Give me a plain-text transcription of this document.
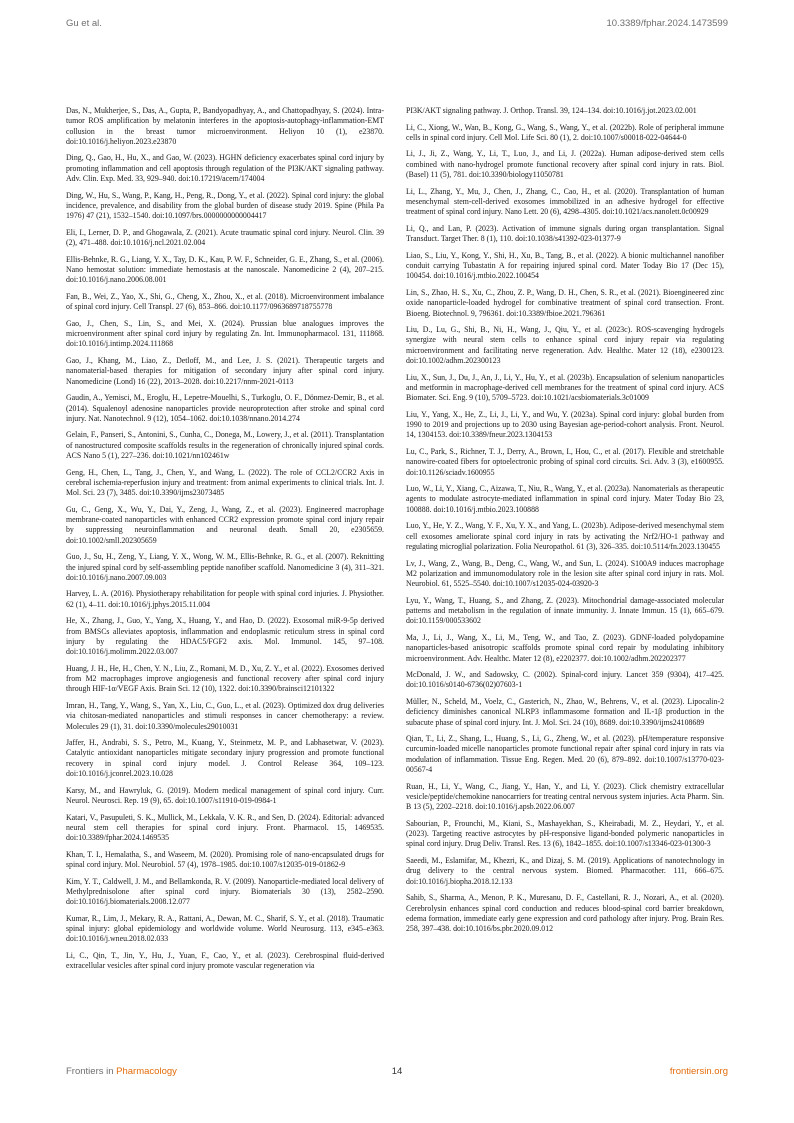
Gu et al.	10.3389/fphar.2024.1473599

Das, N., Mukherjee, S., Das, A., Gupta, P., Bandyopadhyay, A., and Chattopadhyay, S. (2024). Intra-tumor ROS amplification by melatonin interferes in the apoptosis-autophagy-inflammation-EMT collusion in the breast tumor microenvironment. Heliyon 10 (1), e23870. doi:10.1016/j.heliyon.2023.e23870

Ding, Q., Gao, H., Hu, X., and Gao, W. (2023). HGHN deficiency exacerbates spinal cord injury by promoting inflammation and cell apoptosis through regulation of the PI3K/AKT signaling pathway. Adv. Clin. Exp. Med. 33, 929–940. doi:10.17219/acem/174004

Ding, W., Hu, S., Wang, P., Kang, H., Peng, R., Dong, Y., et al. (2022). Spinal cord injury: the global incidence, prevalence, and disability from the global burden of disease study 2019. Spine (Phila Pa 1976) 47 (21), 1532–1540. doi:10.1097/brs.0000000000004417

Eli, I., Lerner, D. P., and Ghogawala, Z. (2021). Acute traumatic spinal cord injury. Neurol. Clin. 39 (2), 471–488. doi:10.1016/j.ncl.2021.02.004

Ellis-Behnke, R. G., Liang, Y. X., Tay, D. K., Kau, P. W. F., Schneider, G. E., Zhang, S., et al. (2006). Nano hemostat solution: immediate hemostasis at the nanoscale. Nanomedicine 2 (4), 207–215. doi:10.1016/j.nano.2006.08.001

Fan, B., Wei, Z., Yao, X., Shi, G., Cheng, X., Zhou, X., et al. (2018). Microenvironment imbalance of spinal cord injury. Cell Transpl. 27 (6), 853–866. doi:10.1177/0963689718755778

Gao, J., Chen, S., Lin, S., and Mei, X. (2024). Prussian blue analogues improves the microenvironment after spinal cord injury by regulating Zn. Int. Immunopharmacol. 131, 111868. doi:10.1016/j.intimp.2024.111868

Gao, J., Khang, M., Liao, Z., Detloff, M., and Lee, J. S. (2021). Therapeutic targets and nanomaterial-based therapies for mitigation of secondary injury after spinal cord injury. Nanomedicine (Lond) 16 (22), 2013–2028. doi:10.2217/nnm-2021-0113

Gaudin, A., Yemisci, M., Eroglu, H., Lepetre-Mouelhi, S., Turkoglu, O. F., Dönmez-Demir, B., et al. (2014). Squalenoyl adenosine nanoparticles provide neuroprotection after stroke and spinal cord injury. Nat. Nanotechnol. 9 (12), 1054–1062. doi:10.1038/nnano.2014.274

Gelain, F., Panseri, S., Antonini, S., Cunha, C., Donega, M., Lowery, J., et al. (2011). Transplantation of nanostructured composite scaffolds results in the regeneration of chronically injured spinal cords. ACS Nano 5 (1), 227–236. doi:10.1021/nn102461w

Geng, H., Chen, L., Tang, J., Chen, Y., and Wang, L. (2022). The role of CCL2/CCR2 Axis in cerebral ischemia-reperfusion injury and treatment: from animal experiments to clinical trials. Int. J. Mol. Sci. 23 (7), 3485. doi:10.3390/ijms23073485

Gu, C., Geng, X., Wu, Y., Dai, Y., Zeng, J., Wang, Z., et al. (2023). Engineered macrophage membrane-coated nanoparticles with enhanced CCR2 expression promote spinal cord injury repair by suppressing neuroinflammation and neuronal death. Small 20, e2305659. doi:10.1002/smll.202305659

Guo, J., Su, H., Zeng, Y., Liang, Y. X., Wong, W. M., Ellis-Behnke, R. G., et al. (2007). Reknitting the injured spinal cord by self-assembling peptide nanofiber scaffold. Nanomedicine 3 (4), 311–321. doi:10.1016/j.nano.2007.09.003

Harvey, L. A. (2016). Physiotherapy rehabilitation for people with spinal cord injuries. J. Physiother. 62 (1), 4–11. doi:10.1016/j.jphys.2015.11.004

He, X., Zhang, J., Guo, Y., Yang, X., Huang, Y., and Hao, D. (2022). Exosomal miR-9-5p derived from BMSCs alleviates apoptosis, inflammation and endoplasmic reticulum stress in spinal cord injury by regulating the HDAC5/FGF2 axis. Mol. Immunol. 145, 97–108. doi:10.1016/j.molimm.2022.03.007

Huang, J. H., He, H., Chen, Y. N., Liu, Z., Romani, M. D., Xu, Z. Y., et al. (2022). Exosomes derived from M2 macrophages improve angiogenesis and functional recovery after spinal cord injury through HIF-1α/VEGF Axis. Brain Sci. 12 (10), 1322. doi:10.3390/brainsci12101322

Imran, H., Tang, Y., Wang, S., Yan, X., Liu, C., Guo, L., et al. (2023). Optimized dox drug deliveries via chitosan-mediated nanoparticles and stimuli responses in cancer chemotherapy: a review. Molecules 29 (1), 31. doi:10.3390/molecules29010031

Jaffer, H., Andrabi, S. S., Petro, M., Kuang, Y., Steinmetz, M. P., and Labhasetwar, V. (2023). Catalytic antioxidant nanoparticles mitigate secondary injury progression and promote functional recovery in spinal cord injury model. J. Control Release 364, 109–123. doi:10.1016/j.jconrel.2023.10.028

Karsy, M., and Hawryluk, G. (2019). Modern medical management of spinal cord injury. Curr. Neurol. Neurosci. Rep. 19 (9), 65. doi:10.1007/s11910-019-0984-1

Katari, V., Pasupuleti, S. K., Mullick, M., Lekkala, V. K. R., and Sen, D. (2024). Editorial: advanced neural stem cell therapies for spinal cord injury. Front. Pharmacol. 15, 1469535. doi:10.3389/fphar.2024.1469535

Khan, T. I., Hemalatha, S., and Waseem, M. (2020). Promising role of nano-encapsulated drugs for spinal cord injury. Mol. Neurobiol. 57 (4), 1978–1985. doi:10.1007/s12035-019-01862-9

Kim, Y. T., Caldwell, J. M., and Bellamkonda, R. V. (2009). Nanoparticle-mediated local delivery of Methylprednisolone after spinal cord injury. Biomaterials 30 (13), 2582–2590. doi:10.1016/j.biomaterials.2008.12.077

Kumar, R., Lim, J., Mekary, R. A., Rattani, A., Dewan, M. C., Sharif, S. Y., et al. (2018). Traumatic spinal injury: global epidemiology and worldwide volume. World Neurosurg. 113, e345–e363. doi:10.1016/j.wneu.2018.02.033

Li, C., Qin, T., Jin, Y., Hu, J., Yuan, F., Cao, Y., et al. (2023). Cerebrospinal fluid-derived extracellular vesicles after spinal cord injury promote vascular regeneration via

PI3K/AKT signaling pathway. J. Orthop. Transl. 39, 124–134. doi:10.1016/j.jot.2023.02.001

Li, C., Xiong, W., Wan, B., Kong, G., Wang, S., Wang, Y., et al. (2022b). Role of peripheral immune cells in spinal cord injury. Cell Mol. Life Sci. 80 (1), 2. doi:10.1007/s00018-022-04644-0

Li, J., Ji, Z., Wang, Y., Li, T., Luo, J., and Li, J. (2022a). Human adipose-derived stem cells combined with nano-hydrogel promote functional recovery after spinal cord injury in rats. Biol. (Basel) 11 (5), 781. doi:10.3390/biology11050781

Li, L., Zhang, Y., Mu, J., Chen, J., Zhang, C., Cao, H., et al. (2020). Transplantation of human mesenchymal stem-cell-derived exosomes immobilized in an adhesive hydrogel for effective treatment of spinal cord injury. Nano Lett. 20 (6), 4298–4305. doi:10.1021/acs.nanolett.0c00929

Li, Q., and Lan, P. (2023). Activation of immune signals during organ transplantation. Signal Transduct. Target Ther. 8 (1), 110. doi:10.1038/s41392-023-01377-9

Liao, S., Liu, Y., Kong, Y., Shi, H., Xu, B., Tang, B., et al. (2022). A bionic multichannel nanofiber conduit carrying Tubastatin A for repairing injured spinal cord. Mater Today Bio 17 (Dec 15), 100454. doi:10.1016/j.mtbio.2022.100454

Lin, S., Zhao, H. S., Xu, C., Zhou, Z. P., Wang, D. H., Chen, S. R., et al. (2021). Bioengineered zinc oxide nanoparticle-loaded hydrogel for combinative treatment of spinal cord transection. Front. Bioeng. Biotechnol. 9, 796361. doi:10.3389/fbioe.2021.796361

Liu, D., Lu, G., Shi, B., Ni, H., Wang, J., Qiu, Y., et al. (2023c). ROS-scavenging hydrogels synergize with neural stem cells to enhance spinal cord injury repair via regulating microenvironment and facilitating nerve regeneration. Adv. Healthc. Mater 12 (18), e2300123. doi:10.1002/adhm.202300123

Liu, X., Sun, J., Du, J., An, J., Li, Y., Hu, Y., et al. (2023b). Encapsulation of selenium nanoparticles and metformin in macrophage-derived cell membranes for the treatment of spinal cord injury. ACS Biomater. Sci. Eng. 9 (10), 5709–5723. doi:10.1021/acsbiomaterials.3c01009

Liu, Y., Yang, X., He, Z., Li, J., Li, Y., and Wu, Y. (2023a). Spinal cord injury: global burden from 1990 to 2019 and projections up to 2030 using Bayesian age-period-cohort analysis. Front. Neurol. 14, 1304153. doi:10.3389/fneur.2023.1304153

Lu, C., Park, S., Richner, T. J., Derry, A., Brown, I., Hou, C., et al. (2017). Flexible and stretchable nanowire-coated fibers for optoelectronic probing of spinal cord circuits. Sci. Adv. 3 (3), e1600955. doi:10.1126/sciadv.1600955

Luo, W., Li, Y., Xiang, C., Aizawa, T., Niu, R., Wang, Y., et al. (2023a). Nanomaterials as therapeutic agents to modulate astrocyte-mediated inflammation in spinal cord injury. Mater Today Bio 23, 100888. doi:10.1016/j.mtbio.2023.100888

Luo, Y., He, Y. Z., Wang, Y. F., Xu, Y. X., and Yang, L. (2023b). Adipose-derived mesenchymal stem cell exosomes ameliorate spinal cord injury in rats by activating the Nrf2/HO-1 pathway and regulating microglial polarization. Folia Neuropathol. 61 (3), 326–335. doi:10.5114/fn.2023.130455

Lv, J., Wang, Z., Wang, B., Deng, C., Wang, W., and Sun, L. (2024). S100A9 induces macrophage M2 polarization and immunomodulatory role in the lesion site after spinal cord injury in rats. Mol. Neurobiol. 61, 5525–5540. doi:10.1007/s12035-024-03920-3

Lyu, Y., Wang, T., Huang, S., and Zhang, Z. (2023). Mitochondrial damage-associated molecular patterns and metabolism in the regulation of innate immunity. J. Innate Immun. 15 (1), 665–679. doi:10.1159/000533602

Ma, J., Li, J., Wang, X., Li, M., Teng, W., and Tao, Z. (2023). GDNF-loaded polydopamine nanoparticles-based anisotropic scaffolds promote spinal cord repair by modulating inhibitory microenvironment. Adv. Healthc. Mater 12 (8), e2202377. doi:10.1002/adhm.202202377

McDonald, J. W., and Sadowsky, C. (2002). Spinal-cord injury. Lancet 359 (9304), 417–425. doi:10.1016/s0140-6736(02)07603-1

Müller, N., Scheld, M., Voelz, C., Gasterich, N., Zhao, W., Behrens, V., et al. (2023). Lipocalin-2 deficiency diminishes canonical NLRP3 inflammasome formation and IL-1β production in the subacute phase of spinal cord injury. Int. J. Mol. Sci. 24 (10), 8689. doi:10.3390/ijms24108689

Qian, T., Li, Z., Shang, L., Huang, S., Li, G., Zheng, W., et al. (2023). pH/temperature responsive curcumin-loaded micelle nanoparticles promote functional repair after spinal cord injury in rats via modulation of inflammation. Tissue Eng. Regen. Med. 20 (6), 879–892. doi:10.1007/s13770-023-00567-4

Ruan, H., Li, Y., Wang, C., Jiang, Y., Han, Y., and Li, Y. (2023). Click chemistry extracellular vesicle/peptide/chemokine nanocarriers for treating central nervous system injuries. Acta Pharm. Sin. B 13 (5), 2202–2218. doi:10.1016/j.apsb.2022.06.007

Sabourian, P., Frounchi, M., Kiani, S., Mashayekhan, S., Kheirabadi, M. Z., Heydari, Y., et al. (2023). Targeting reactive astrocytes by pH-responsive ligand-bonded polymeric nanoparticles in spinal cord injury. Drug Deliv. Transl. Res. 13 (6), 1842–1855. doi:10.1007/s13346-023-01300-3

Saeedi, M., Eslamifar, M., Khezri, K., and Dizaj, S. M. (2019). Applications of nanotechnology in drug delivery to the central nervous system. Biomed. Pharmacother. 111, 666–675. doi:10.1016/j.biopha.2018.12.133

Sahib, S., Sharma, A., Menon, P. K., Muresanu, D. F., Castellani, R. J., Nozari, A., et al. (2020). Cerebrolysin enhances spinal cord conduction and reduces blood-spinal cord barrier breakdown, edema formation, immediate early gene expression and cord pathology after injury. Prog. Brain Res. 258, 397–438. doi:10.1016/bs.pbr.2020.09.012

Frontiers in Pharmacology	14	frontiersin.org
